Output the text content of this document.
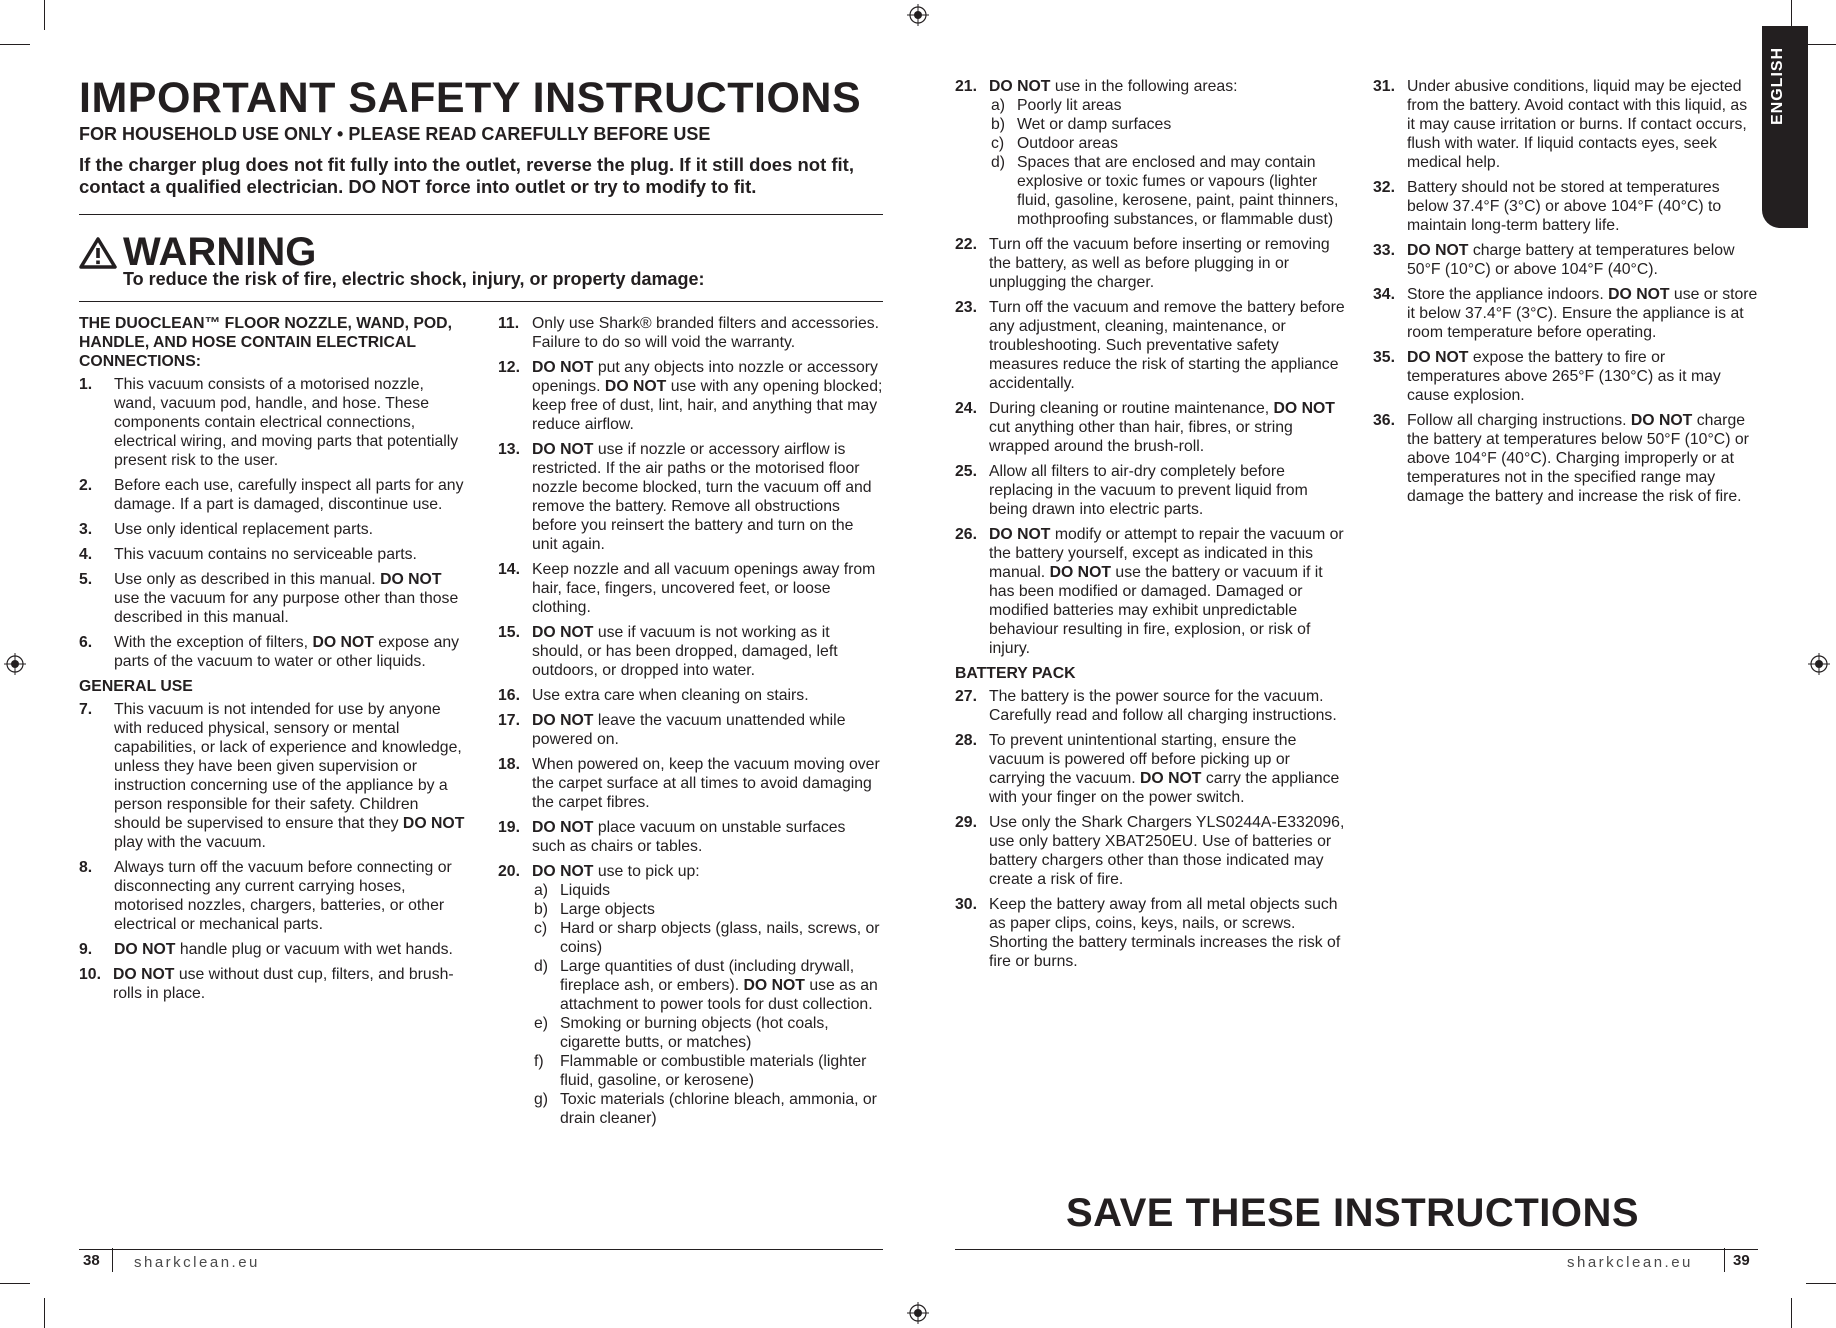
IMPORTANT SAFETY INSTRUCTIONS
FOR HOUSEHOLD USE ONLY • PLEASE READ CAREFULLY BEFORE USE
If the charger plug does not fit fully into the outlet, reverse the plug. If it still does not fit, contact a qualified electrician. DO NOT force into outlet or try to modify to fit.
WARNING
To reduce the risk of fire, electric shock, injury, or property damage:
THE DUOCLEAN™ FLOOR NOZZLE, WAND, POD, HANDLE, AND HOSE CONTAIN ELECTRICAL CONNECTIONS:
1.	This vacuum consists of a motorised nozzle, wand, vacuum pod, handle, and hose. These components contain electrical connections, electrical wiring, and moving parts that potentially present risk to the user.
2.	Before each use, carefully inspect all parts for any damage. If a part is damaged, discontinue use.
3.	Use only identical replacement parts.
4.	This vacuum contains no serviceable parts.
5.	Use only as described in this manual. DO NOT use the vacuum for any purpose other than those described in this manual.
6.	With the exception of filters, DO NOT expose any parts of the vacuum to water or other liquids.
GENERAL USE
7.	This vacuum is not intended for use by anyone with reduced physical, sensory or mental capabilities, or lack of experience and knowledge, unless they have been given supervision or instruction concerning use of the appliance by a person responsible for their safety. Children should be supervised to ensure that they DO NOT play with the vacuum.
8.	Always turn off the vacuum before connecting or disconnecting any current carrying hoses, motorised nozzles, chargers, batteries, or other electrical or mechanical parts.
9.	DO NOT handle plug or vacuum with wet hands.
10. DO NOT use without dust cup, filters, and brush-rolls in place.
11. Only use Shark® branded filters and accessories. Failure to do so will void the warranty.
12. DO NOT put any objects into nozzle or accessory openings. DO NOT use with any opening blocked; keep free of dust, lint, hair, and anything that may reduce airflow.
13. DO NOT use if nozzle or accessory airflow is restricted. If the air paths or the motorised floor nozzle become blocked, turn the vacuum off and remove the battery. Remove all obstructions before you reinsert the battery and turn on the unit again.
14. Keep nozzle and all vacuum openings away from hair, face, fingers, uncovered feet, or loose clothing.
15. DO NOT use if vacuum is not working as it should, or has been dropped, damaged, left outdoors, or dropped into water.
16. Use extra care when cleaning on stairs.
17. DO NOT leave the vacuum unattended while powered on.
18. When powered on, keep the vacuum moving over the carpet surface at all times to avoid damaging the carpet fibres.
19. DO NOT place vacuum on unstable surfaces such as chairs or tables.
20. DO NOT use to pick up:
a) Liquids
b) Large objects
c) Hard or sharp objects (glass, nails, screws, or coins)
d) Large quantities of dust (including drywall, fireplace ash, or embers). DO NOT use as an attachment to power tools for dust collection.
e) Smoking or burning objects (hot coals, cigarette butts, or matches)
f)	Flammable or combustible materials (lighter fluid, gasoline, or kerosene)
g) Toxic materials (chlorine bleach, ammonia, or drain cleaner)
38 sharkclean.eu
21. DO NOT use in the following areas:
a) Poorly lit areas
b) Wet or damp surfaces
c) Outdoor areas
d) Spaces that are enclosed and may contain explosive or toxic fumes or vapours (lighter fluid, gasoline, kerosene, paint, paint thinners, mothproofing substances, or flammable dust)
22. Turn off the vacuum before inserting or removing the battery, as well as before plugging in or unplugging the charger.
23. Turn off the vacuum and remove the battery before any adjustment, cleaning, maintenance, or troubleshooting. Such preventative safety measures reduce the risk of starting the appliance accidentally.
24. During cleaning or routine maintenance, DO NOT cut anything other than hair, fibres, or string wrapped around the brush-roll.
25. Allow all filters to air-dry completely before replacing in the vacuum to prevent liquid from being drawn into electric parts.
26. DO NOT modify or attempt to repair the vacuum or the battery yourself, except as indicated in this manual. DO NOT use the battery or vacuum if it has been modified or damaged. Damaged or modified batteries may exhibit unpredictable behaviour resulting in fire, explosion, or risk of injury.
BATTERY PACK
27. The battery is the power source for the vacuum. Carefully read and follow all charging instructions.
28. To prevent unintentional starting, ensure the vacuum is powered off before picking up or carrying the vacuum. DO NOT carry the appliance with your finger on the power switch.
29. Use only the Shark Chargers YLS0244A-E332096, use only battery XBAT250EU. Use of batteries or battery chargers other than those indicated may create a risk of fire.
30. Keep the battery away from all metal objects such as paper clips, coins, keys, nails, or screws. Shorting the battery terminals increases the risk of fire or burns.
31. Under abusive conditions, liquid may be ejected from the battery. Avoid contact with this liquid, as it may cause irritation or burns. If contact occurs, flush with water. If liquid contacts eyes, seek medical help.
32. Battery should not be stored at temperatures below 37.4°F (3°C) or above 104°F (40°C) to maintain long-term battery life.
33. DO NOT charge battery at temperatures below 50°F (10°C) or above 104°F (40°C).
34. Store the appliance indoors. DO NOT use or store it below 37.4°F (3°C). Ensure the appliance is at room temperature before operating.
35. DO NOT expose the battery to fire or temperatures above 265°F (130°C) as it may cause explosion.
36. Follow all charging instructions. DO NOT charge the battery at temperatures below 50°F (10°C) or above 104°F (40°C). Charging improperly or at temperatures not in the specified range may damage the battery and increase the risk of fire.
SAVE THESE INSTRUCTIONS
sharkclean.eu	39
ENGLISH
